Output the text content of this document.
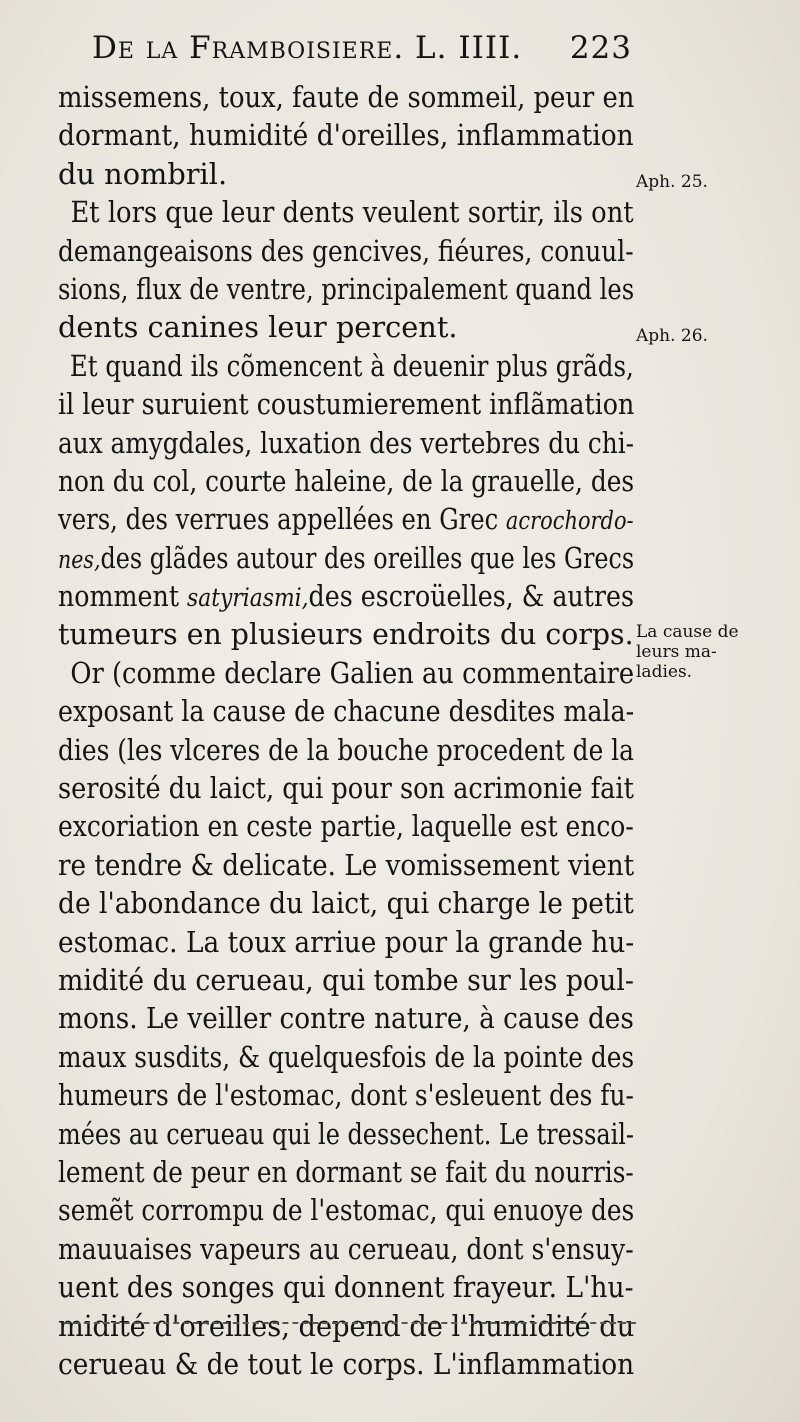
De la Framboisiere. L. IIII. 223
missemens, toux, faute de sommeil, peur en
dormant, humidité d'oreilles, inflammation
du nombril.
Et lors que leur dents veulent sortir, ils ont
demangeaisons des gencives, fiéures, conuul-
sions, flux de ventre, principalement quand les
dents canines leur percent.
Et quand ils cõmencent à deuenir plus grãds,
il leur suruient coustumierement inflãmation
aux amygdales, luxation des vertebres du chi-
non du col, courte haleine, de la grauelle, des
vers, des verrues appellées en Grec acrochordo-
nes,des glãdes autour des oreilles que les Grecs
nomment satyriasmi,des escroüelles, & autres
tumeurs en plusieurs endroits du corps.
Or (comme declare Galien au commentaire
exposant la cause de chacune desdites mala-
dies (les vlceres de la bouche procedent de la
serosité du laict, qui pour son acrimonie fait
excoriation en ceste partie, laquelle est enco-
re tendre & delicate. Le vomissement vient
de l'abondance du laict, qui charge le petit
estomac. La toux arriue pour la grande hu-
midité du cerueau, qui tombe sur les poul-
mons. Le veiller contre nature, à cause des
maux susdits, & quelquesfois de la pointe des
humeurs de l'estomac, dont s'esleuent des fu-
mées au cerueau qui le dessechent. Le tressail-
lement de peur en dormant se fait du nourris-
semẽt corrompu de l'estomac, qui enuoye des
mauuaises vapeurs au cerueau, dont s'ensuy-
uent des songes qui donnent frayeur. L'hu-
midité d'oreilles, depend de l'humidité du
cerueau & de tout le corps. L'inflammation
Aph. 25.
Aph. 26.
La cause de leurs ma- ladies.
